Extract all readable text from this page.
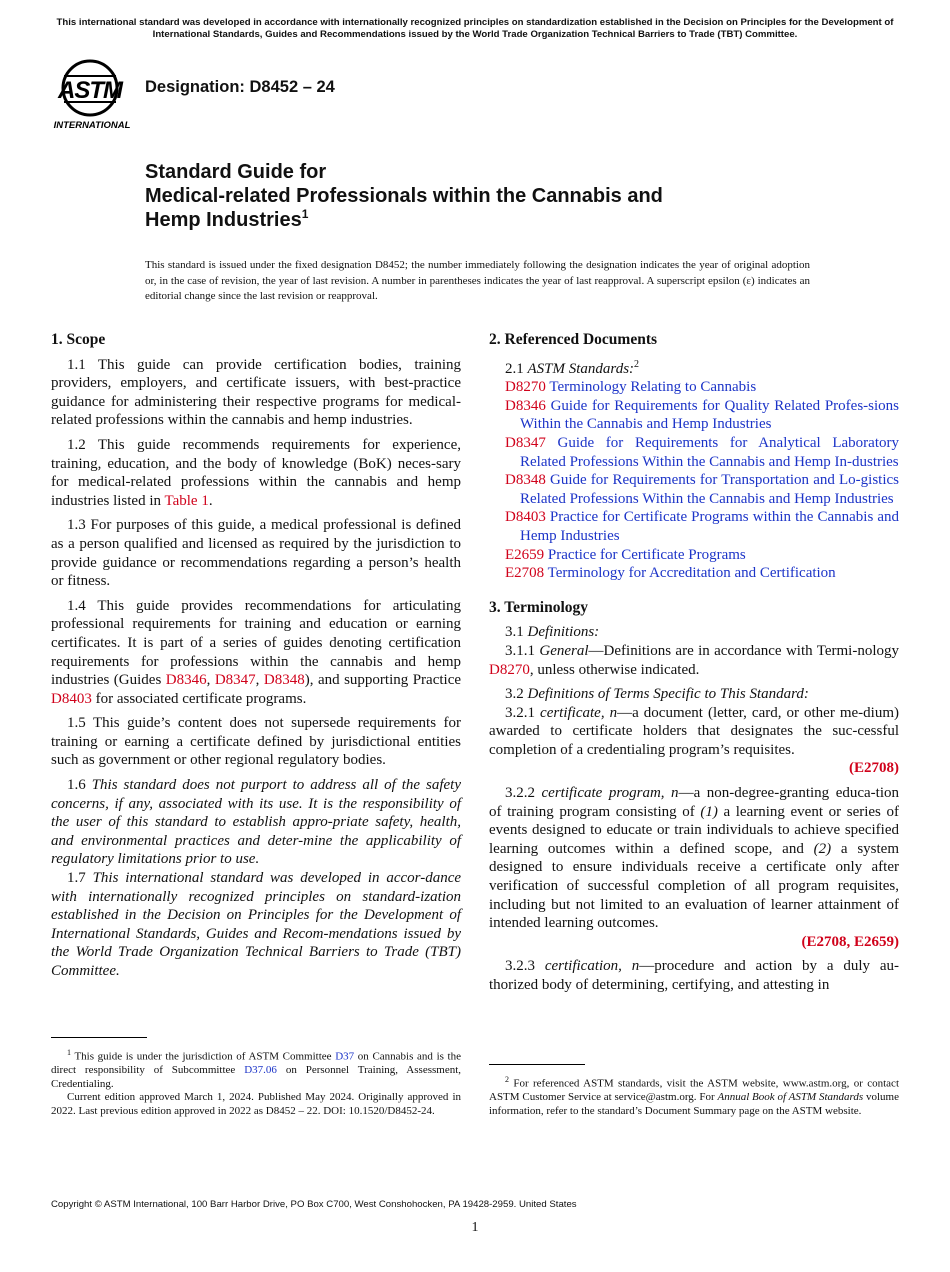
This international standard was developed in accordance with internationally recognized principles on standardization established in the Decision on Principles for the Development of International Standards, Guides and Recommendations issued by the World Trade Organization Technical Barriers to Trade (TBT) Committee.
ASTM
INTERNATIONAL
Designation: D8452 – 24
Standard Guide for
Medical-related Professionals within the Cannabis and
Hemp Industries$^1$
This standard is issued under the fixed designation D8452; the number immediately following the designation indicates the year of original adoption or, in the case of revision, the year of last revision. A number in parentheses indicates the year of last reapproval. A superscript epsilon (ε) indicates an editorial change since the last revision or reapproval.
1. Scope

1.1 This guide can provide certification bodies, training providers, employers, and certificate issuers, with best-practice guidance for administering their respective programs for medical-related professions within the cannabis and hemp industries.

1.2 This guide recommends requirements for experience, training, education, and the body of knowledge (BoK) neces-sary for medical-related professions within the cannabis and hemp industries listed in Table 1.

1.3 For purposes of this guide, a medical professional is defined as a person qualified and licensed as required by the jurisdiction to provide guidance or recommendations regarding a person’s health or fitness.

1.4 This guide provides recommendations for articulating professional requirements for training and education or earning certificates. It is part of a series of guides denoting certification requirements for professions within the cannabis and hemp industries (Guides D8346, D8347, D8348), and supporting Practice D8403 for associated certificate programs.

1.5 This guide’s content does not supersede requirements for training or earning a certificate defined by jurisdictional entities such as government or other regional regulatory bodies.

1.6 This standard does not purport to address all of the safety concerns, if any, associated with its use. It is the responsibility of the user of this standard to establish appro-priate safety, health, and environmental practices and deter-mine the applicability of regulatory limitations prior to use.

1.7 This international standard was developed in accor-dance with internationally recognized principles on standard-ization established in the Decision on Principles for the Development of International Standards, Guides and Recom-mendations issued by the World Trade Organization Technical Barriers to Trade (TBT) Committee.

$^1$ This guide is under the jurisdiction of ASTM Committee D37 on Cannabis and is the direct responsibility of Subcommittee D37.06 on Personnel Training, Assessment, Credentialing.

Current edition approved March 1, 2024. Published May 2024. Originally approved in 2022. Last previous edition approved in 2022 as D8452 – 22. DOI: 10.1520/D8452-24.

2. Referenced Documents

2.1 ASTM Standards:$^2$

D8270 Terminology Relating to Cannabis

D8346 Guide for Requirements for Quality Related Profes-sions Within the Cannabis and Hemp Industries

D8347 Guide for Requirements for Analytical Laboratory Related Professions Within the Cannabis and Hemp In-dustries

D8348 Guide for Requirements for Transportation and Lo-gistics Related Professions Within the Cannabis and Hemp Industries

D8403 Practice for Certificate Programs within the Cannabis and Hemp Industries

E2659 Practice for Certificate Programs

E2708 Terminology for Accreditation and Certification

3. Terminology

3.1 Definitions:

3.1.1 General—Definitions are in accordance with Termi-nology D8270, unless otherwise indicated.

3.2 Definitions of Terms Specific to This Standard:

3.2.1 certificate, n—a document (letter, card, or other me-dium) awarded to certificate holders that designates the suc-cessful completion of a credentialing program’s requisites.

(E2708)

3.2.2 certificate program, n—a non-degree-granting educa-tion of training program consisting of (1) a learning event or series of events designed to educate or train individuals to achieve specified learning outcomes within a defined scope, and (2) a system designed to ensure individuals receive a certificate only after verification of successful completion of all program requisites, including but not limited to an evaluation of learner attainment of intended learning outcomes.

(E2708, E2659)

3.2.3 certification, n—procedure and action by a duly au-thorized body of determining, certifying, and attesting in

$^2$ For referenced ASTM standards, visit the ASTM website, www.astm.org, or contact ASTM Customer Service at service@astm.org. For Annual Book of ASTM Standards volume information, refer to the standard’s Document Summary page on the ASTM website.

Copyright © ASTM International, 100 Barr Harbor Drive, PO Box C700, West Conshohocken, PA 19428-2959. United States
1
